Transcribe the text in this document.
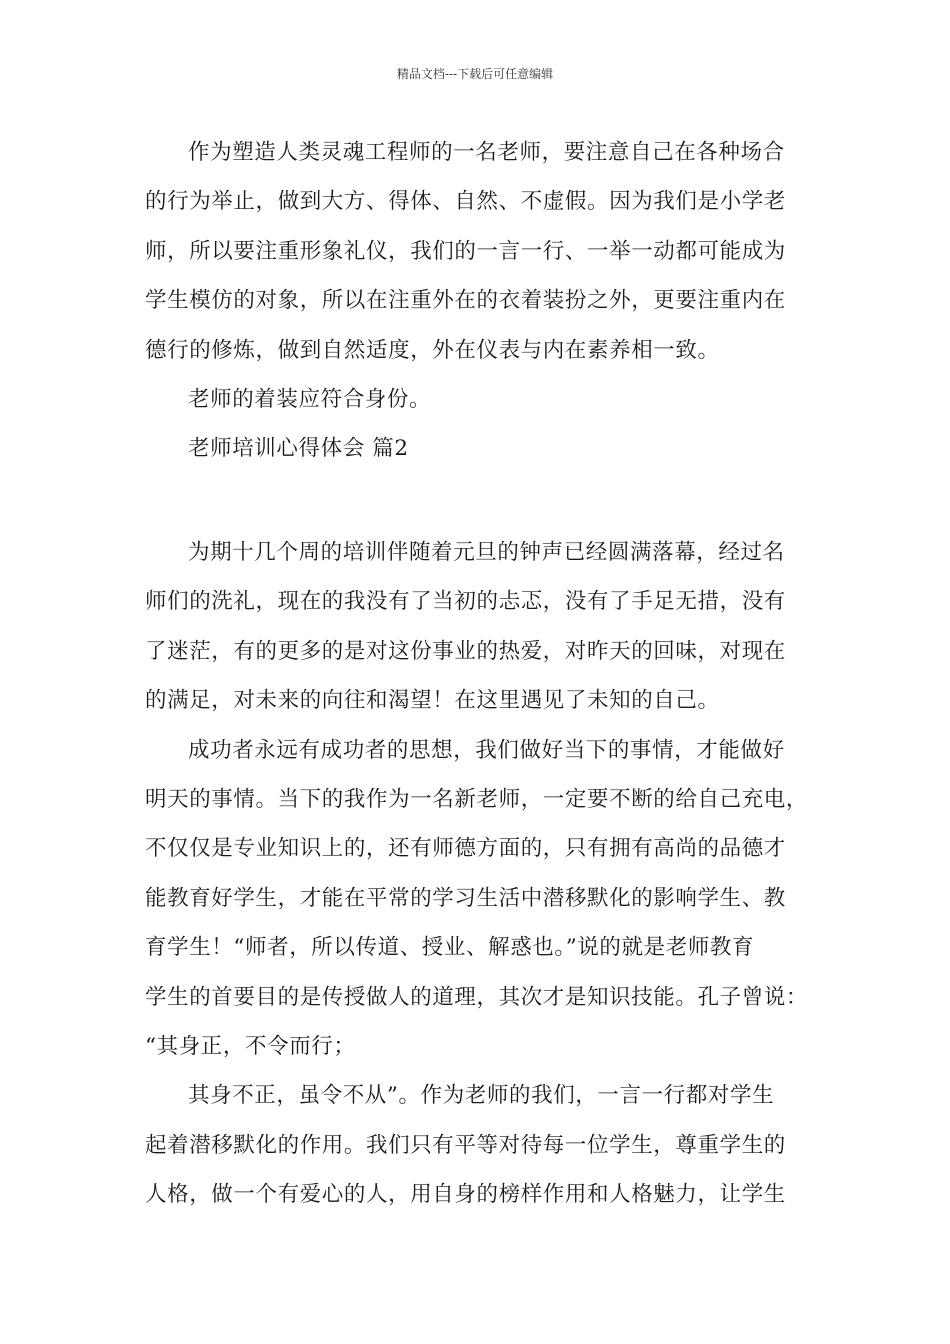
精品文档---下载后可任意编辑
作为塑造人类灵魂工程师的一名老师，要注意自己在各种场合
的行为举止，做到大方、得体、自然、不虚假。因为我们是小学老
师，所以要注重形象礼仪，我们的一言一行、一举一动都可能成为
学生模仿的对象，所以在注重外在的衣着装扮之外，更要注重内在
德行的修炼，做到自然适度，外在仪表与内在素养相一致。
老师的着装应符合身份。
老师培训心得体会 篇2
为期十几个周的培训伴随着元旦的钟声已经圆满落幕，经过名
师们的洗礼，现在的我没有了当初的忐忑，没有了手足无措，没有
了迷茫，有的更多的是对这份事业的热爱，对昨天的回味，对现在
的满足，对未来的向往和渴望！在这里遇见了未知的自己。
成功者永远有成功者的思想，我们做好当下的事情，才能做好
明天的事情。当下的我作为一名新老师，一定要不断的给自己充电，
不仅仅是专业知识上的，还有师德方面的，只有拥有高尚的品德才
能教育好学生，才能在平常的学习生活中潜移默化的影响学生、教
育学生！“师者，所以传道、授业、解惑也。”说的就是老师教育
学生的首要目的是传授做人的道理，其次才是知识技能。孔子曾说：
“其身正，不令而行；
其身不正，虽令不从”。作为老师的我们，一言一行都对学生
起着潜移默化的作用。我们只有平等对待每一位学生，尊重学生的
人格，做一个有爱心的人，用自身的榜样作用和人格魅力，让学生
